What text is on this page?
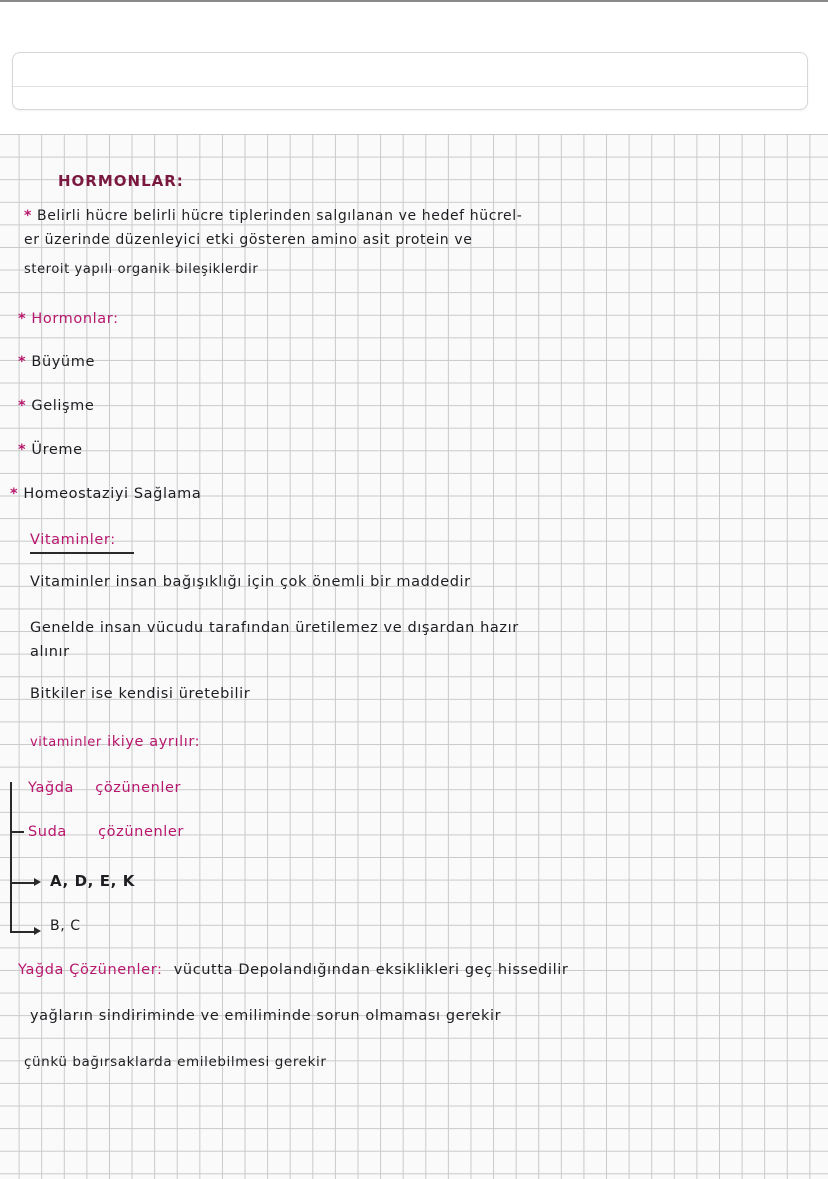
HORMONLAR:
* Belirli hücre belirli hücre tiplerinden salgılanan ve hedef hücrel-
er üzerinde düzenleyici etki gösteren amino asit protein ve
steroit yapılı organik bileşiklerdir
* Hormonlar:
* Büyüme
* Gelişme
* Üreme
* Homeostaziyi Sağlama
Vitaminler:
Vitaminler insan bağışıklığı için çok önemli bir maddedir
Genelde insan vücudu tarafından üretilemez ve dışardan hazır
alınır
Bitkiler ise kendisi üretebilir
vitaminler ikiye ayrılır:
Yağda çözünenler
Suda çözünenler
A, D, E, K
B, C
Yağda Çözünenler: vücutta Depolandığından eksiklikleri geç hissedilir
yağların sindiriminde ve emiliminde sorun olmaması gerekir
çünkü bağırsaklarda emilebilmesi gerekir
